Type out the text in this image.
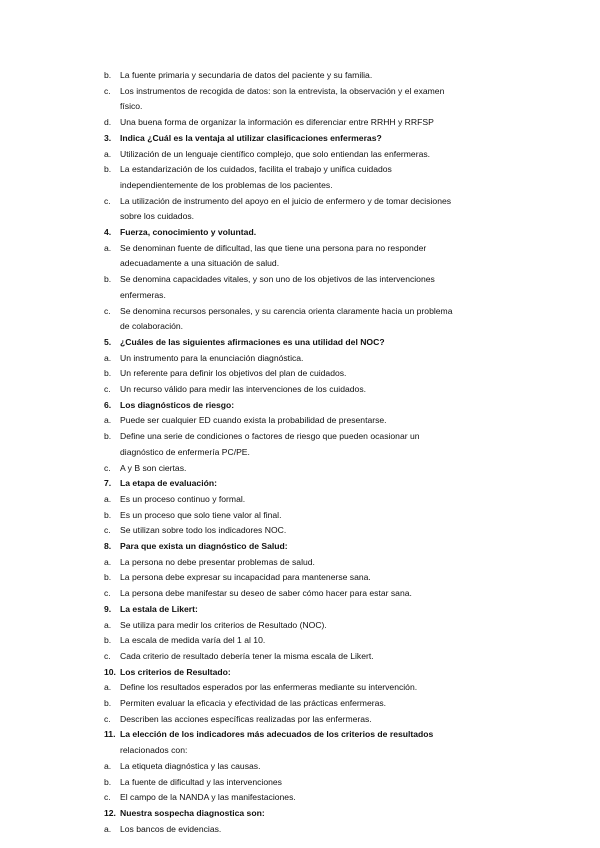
b. La fuente primaria y secundaria de datos del paciente y su familia.
c. Los instrumentos de recogida de datos: son la entrevista, la observación y el examen
físico.
d. Una buena forma de organizar la información es diferenciar entre RRHH y RRFSP
3. Indica ¿Cuál es la ventaja al utilizar clasificaciones enfermeras?
a. Utilización de un lenguaje científico complejo, que solo entiendan las enfermeras.
b. La estandarización de los cuidados, facilita el trabajo y unifica cuidados
independientemente de los problemas de los pacientes.
c. La utilización de instrumento del apoyo en el juicio de enfermero y de tomar decisiones
sobre los cuidados.
4. Fuerza, conocimiento y voluntad.
a. Se denominan fuente de dificultad, las que tiene una persona para no responder
adecuadamente a una situación de salud.
b. Se denomina capacidades vitales, y son uno de los objetivos de las intervenciones
enfermeras.
c. Se denomina recursos personales, y su carencia orienta claramente hacia un problema
de colaboración.
5. ¿Cuáles de las siguientes afirmaciones es una utilidad del NOC?
a. Un instrumento para la enunciación diagnóstica.
b. Un referente para definir los objetivos del plan de cuidados.
c. Un recurso válido para medir las intervenciones de los cuidados.
6. Los diagnósticos de riesgo:
a. Puede ser cualquier ED cuando exista la probabilidad de presentarse.
b. Define una serie de condiciones o factores de riesgo que pueden ocasionar un
diagnóstico de enfermería PC/PE.
c. A y B son ciertas.
7. La etapa de evaluación:
a. Es un proceso continuo y formal.
b. Es un proceso que solo tiene valor al final.
c. Se utilizan sobre todo los indicadores NOC.
8. Para que exista un diagnóstico de Salud:
a. La persona no debe presentar problemas de salud.
b. La persona debe expresar su incapacidad para mantenerse sana.
c. La persona debe manifestar su deseo de saber cómo hacer para estar sana.
9. La estala de Likert:
a. Se utiliza para medir los criterios de Resultado (NOC).
b. La escala de medida varía del 1 al 10.
c. Cada criterio de resultado debería tener la misma escala de Likert.
10. Los criterios de Resultado:
a. Define los resultados esperados por las enfermeras mediante su intervención.
b. Permiten evaluar la eficacia y efectividad de las prácticas enfermeras.
c. Describen las acciones específicas realizadas por las enfermeras.
11. La elección de los indicadores más adecuados de los criterios de resultados
relacionados con:
a. La etiqueta diagnóstica y las causas.
b. La fuente de dificultad y las intervenciones
c. El campo de la NANDA y las manifestaciones.
12. Nuestra sospecha diagnostica son:
a. Los bancos de evidencias.
